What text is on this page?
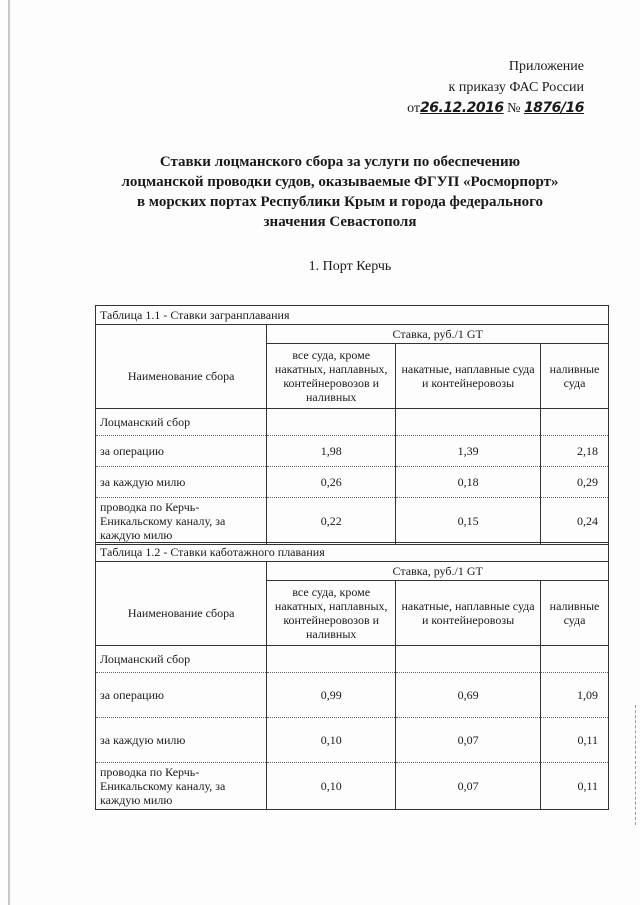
Приложение
к приказу ФАС России
от26.12.2016 № 1876/16
Ставки лоцманского сбора за услуги по обеспечению лоцманской проводки судов, оказываемые ФГУП «Росморпорт» в морских портах Республики Крым и города федерального значения Севастополя
1. Порт Керчь
Таблица 1.1 - Ставки загранплавания			
	Ставка, руб./1 GT		
Наименование сбора	все суда, кроме накатных, наплавных, контейнеровозов и наливных	накатные, наплавные суда и контейнеровозы	наливные суда
Лоцманский сбор			
за операцию	1,98	1,39	2,18
за каждую милю	0,26	0,18	0,29
проводка по Керчь-Еникальскому каналу, за каждую милю	0,22	0,15	0,24
Таблица 1.2 - Ставки каботажного плавания			
	Ставка, руб./1 GT		
Наименование сбора	все суда, кроме накатных, наплавных, контейнеровозов и наливных	накатные, наплавные суда и контейнеровозы	наливные суда
Лоцманский сбор			
за операцию	0,99	0,69	1,09
за каждую милю	0,10	0,07	0,11
проводка по Керчь-Еникальскому каналу, за каждую милю	0,10	0,07	0,11
